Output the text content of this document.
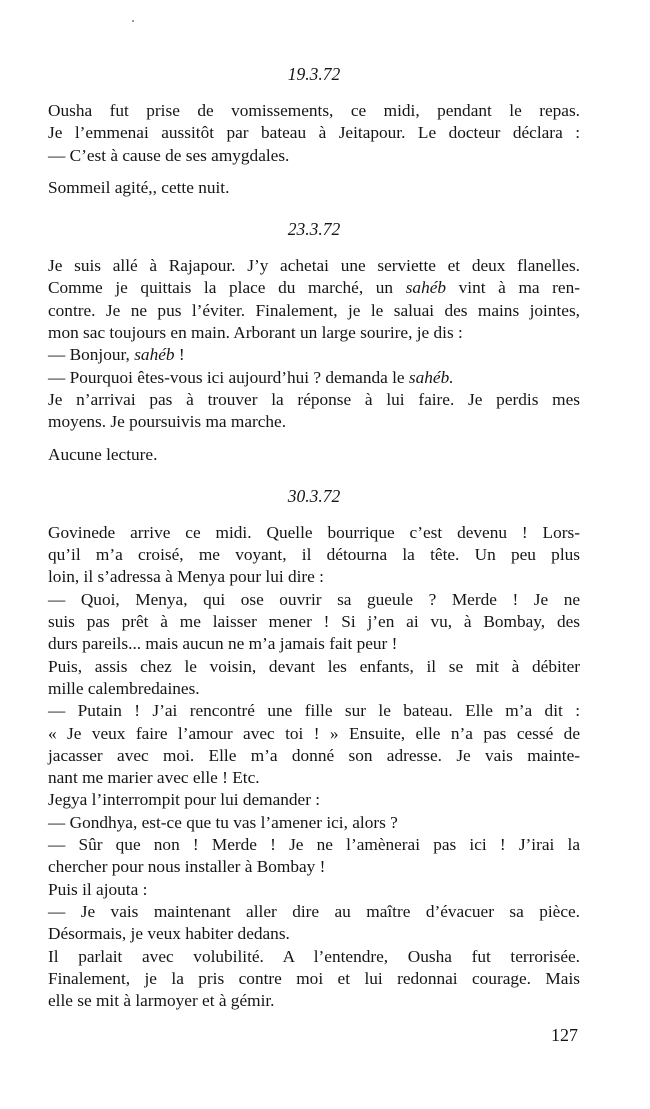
19.3.72
Ousha fut prise de vomissements, ce midi, pendant le repas.
Je l’emmenai aussitôt par bateau à Jeitapour. Le docteur déclara :
— C’est à cause de ses amygdales.
Sommeil agité,, cette nuit.
23.3.72
Je suis allé à Rajapour. J’y achetai une serviette et deux flanelles.
Comme je quittais la place du marché, un sahéb vint à ma ren-
contre. Je ne pus l’éviter. Finalement, je le saluai des mains jointes,
mon sac toujours en main. Arborant un large sourire, je dis :
— Bonjour, sahéb !
— Pourquoi êtes-vous ici aujourd’hui ? demanda le sahéb.
Je n’arrivai pas à trouver la réponse à lui faire. Je perdis mes
moyens. Je poursuivis ma marche.
Aucune lecture.
30.3.72
Govinede arrive ce midi. Quelle bourrique c’est devenu ! Lors-
qu’il m’a croisé, me voyant, il détourna la tête. Un peu plus
loin, il s’adressa à Menya pour lui dire :
— Quoi, Menya, qui ose ouvrir sa gueule ? Merde ! Je ne
suis pas prêt à me laisser mener ! Si j’en ai vu, à Bombay, des
durs pareils... mais aucun ne m’a jamais fait peur !
Puis, assis chez le voisin, devant les enfants, il se mit à débiter
mille calembredaines.
— Putain ! J’ai rencontré une fille sur le bateau. Elle m’a dit :
« Je veux faire l’amour avec toi ! » Ensuite, elle n’a pas cessé de
jacasser avec moi. Elle m’a donné son adresse. Je vais mainte-
nant me marier avec elle ! Etc.
Jegya l’interrompit pour lui demander :
— Gondhya, est-ce que tu vas l’amener ici, alors ?
— Sûr que non ! Merde ! Je ne l’amènerai pas ici ! J’irai la
chercher pour nous installer à Bombay !
Puis il ajouta :
— Je vais maintenant aller dire au maître d’évacuer sa pièce.
Désormais, je veux habiter dedans.
Il parlait avec volubilité. A l’entendre, Ousha fut terrorisée.
Finalement, je la pris contre moi et lui redonnai courage. Mais
elle se mit à larmoyer et à gémir.
127
